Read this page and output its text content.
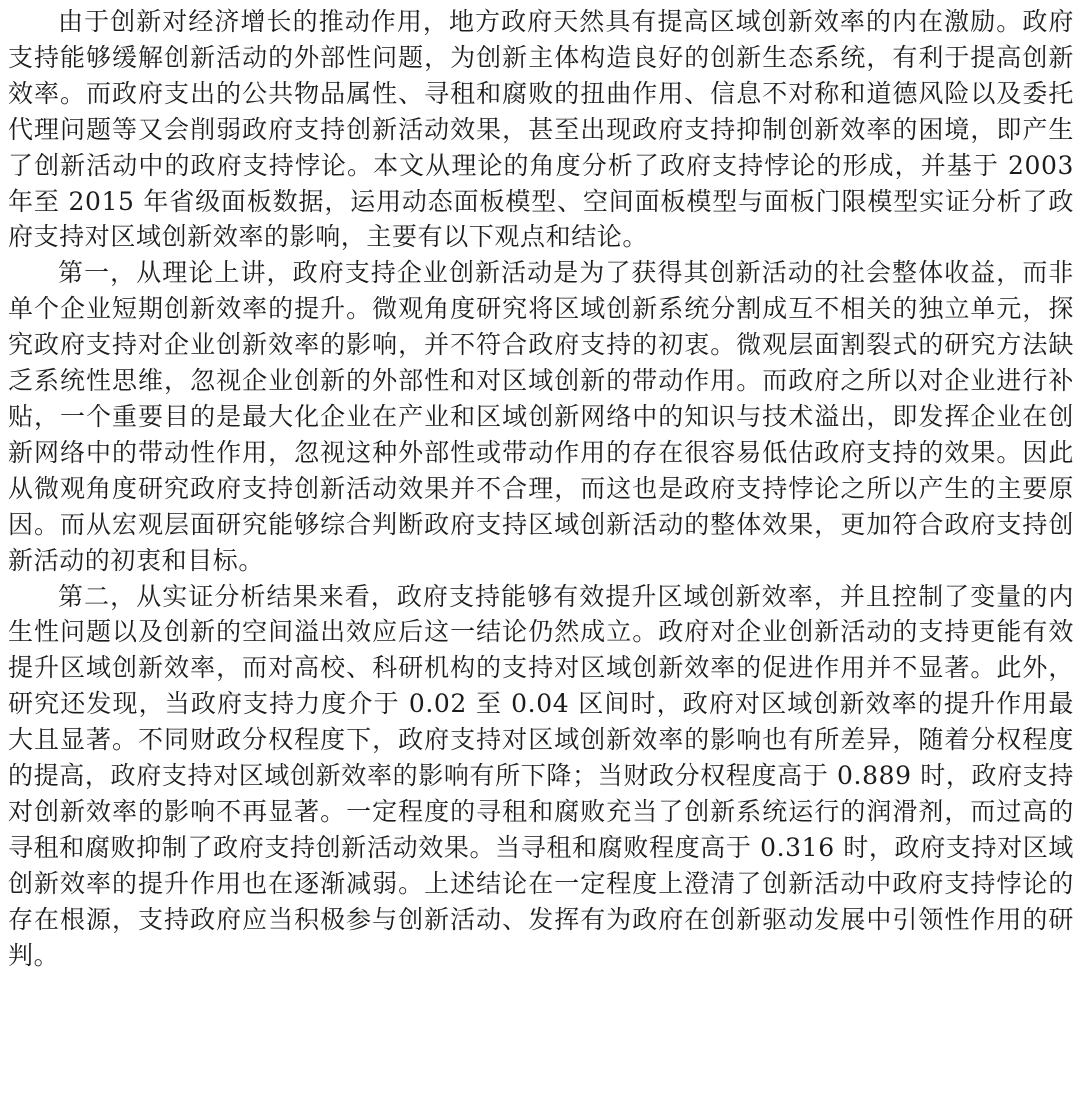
由于创新对经济增长的推动作用，地方政府天然具有提高区域创新效率的内在激励。政府支持能够缓解创新活动的外部性问题，为创新主体构造良好的创新生态系统，有利于提高创新效率。而政府支出的公共物品属性、寻租和腐败的扭曲作用、信息不对称和道德风险以及委托代理问题等又会削弱政府支持创新活动效果，甚至出现政府支持抑制创新效率的困境，即产生了创新活动中的政府支持悖论。本文从理论的角度分析了政府支持悖论的形成，并基于 2003 年至 2015 年省级面板数据，运用动态面板模型、空间面板模型与面板门限模型实证分析了政府支持对区域创新效率的影响，主要有以下观点和结论。

第一，从理论上讲，政府支持企业创新活动是为了获得其创新活动的社会整体收益，而非单个企业短期创新效率的提升。微观角度研究将区域创新系统分割成互不相关的独立单元，探究政府支持对企业创新效率的影响，并不符合政府支持的初衷。微观层面割裂式的研究方法缺乏系统性思维，忽视企业创新的外部性和对区域创新的带动作用。而政府之所以对企业进行补贴，一个重要目的是最大化企业在产业和区域创新网络中的知识与技术溢出，即发挥企业在创新网络中的带动性作用，忽视这种外部性或带动作用的存在很容易低估政府支持的效果。因此从微观角度研究政府支持创新活动效果并不合理，而这也是政府支持悖论之所以产生的主要原因。而从宏观层面研究能够综合判断政府支持区域创新活动的整体效果，更加符合政府支持创新活动的初衷和目标。

第二，从实证分析结果来看，政府支持能够有效提升区域创新效率，并且控制了变量的内生性问题以及创新的空间溢出效应后这一结论仍然成立。政府对企业创新活动的支持更能有效提升区域创新效率，而对高校、科研机构的支持对区域创新效率的促进作用并不显著。此外，研究还发现，当政府支持力度介于 0.02 至 0.04 区间时，政府对区域创新效率的提升作用最大且显著。不同财政分权程度下，政府支持对区域创新效率的影响也有所差异，随着分权程度的提高，政府支持对区域创新效率的影响有所下降；当财政分权程度高于 0.889 时，政府支持对创新效率的影响不再显著。一定程度的寻租和腐败充当了创新系统运行的润滑剂，而过高的寻租和腐败抑制了政府支持创新活动效果。当寻租和腐败程度高于 0.316 时，政府支持对区域创新效率的提升作用也在逐渐减弱。上述结论在一定程度上澄清了创新活动中政府支持悖论的存在根源，支持政府应当积极参与创新活动、发挥有为政府在创新驱动发展中引领性作用的研判。
